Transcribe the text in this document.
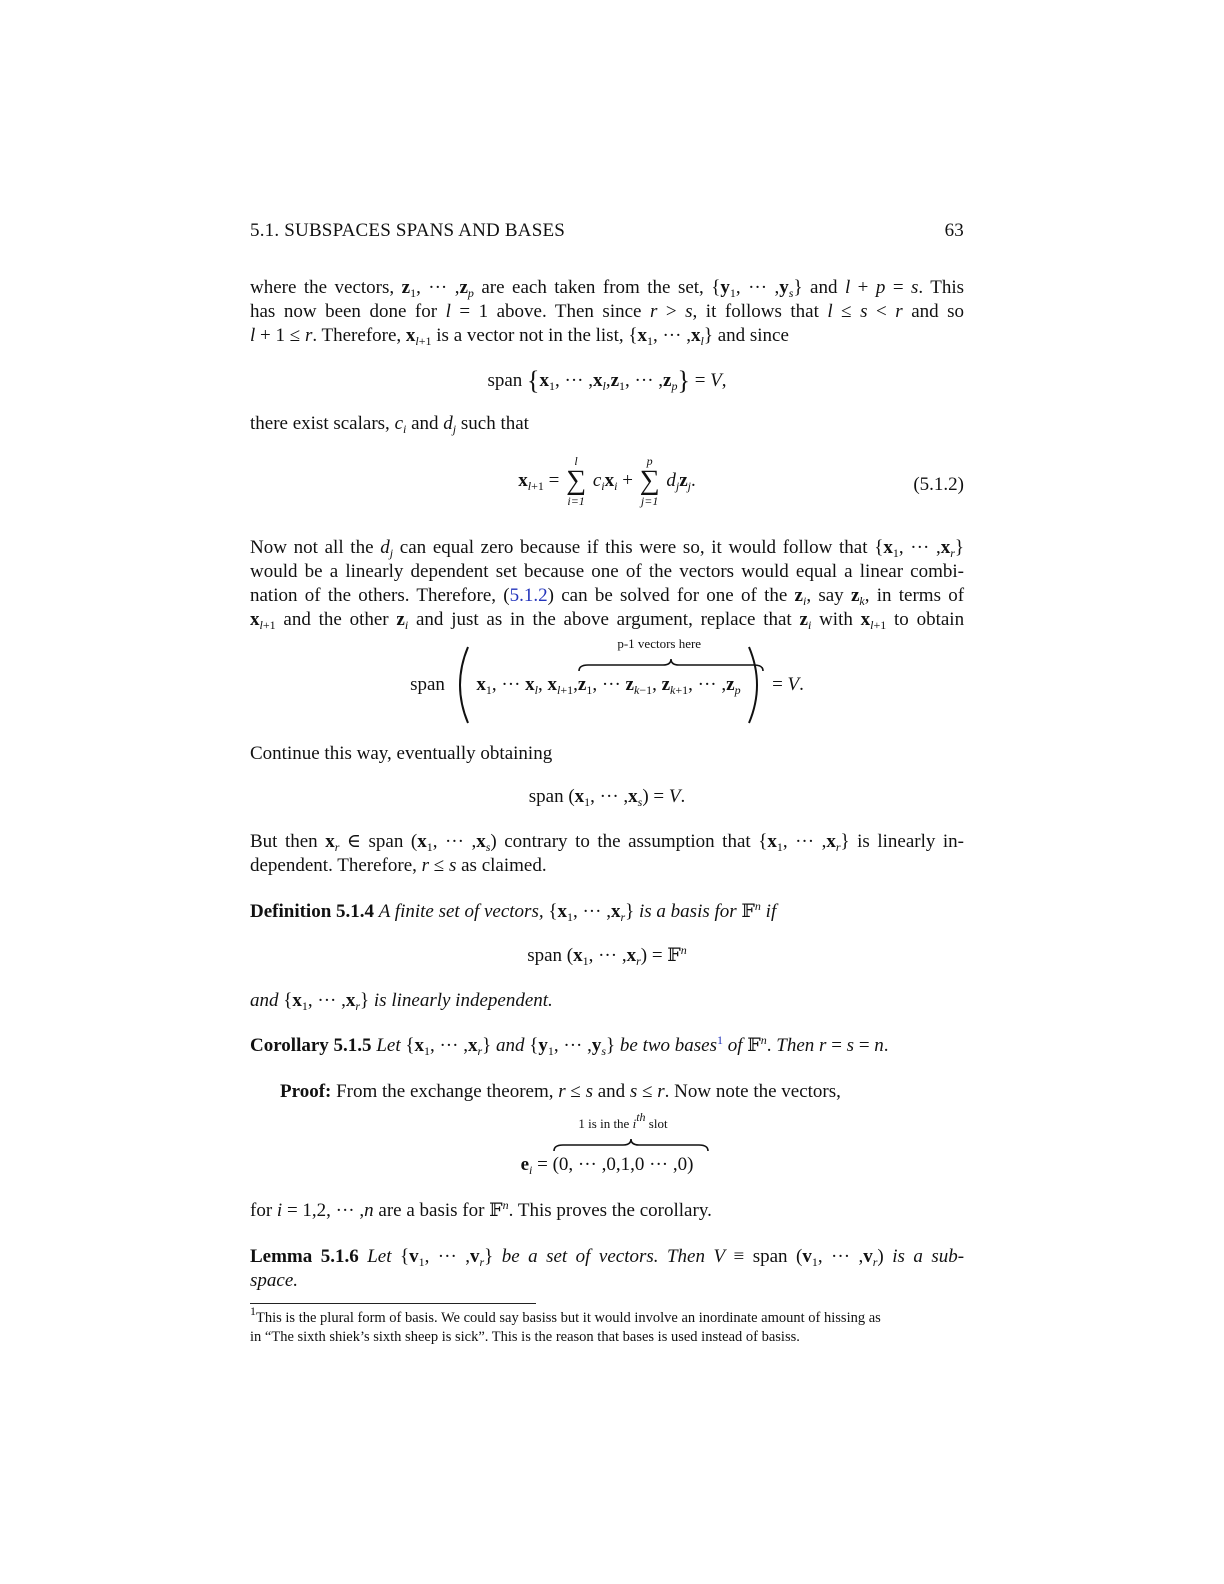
5.1. SUBSPACES SPANS AND BASES	63
where the vectors, $z_1$, ··· $,z_p$ are each taken from the set, {$y_1$, ··· $,y_s$} and l + p = s. This
has now been done for l = 1 above. Then since r > s, it follows that l ≤ s < r and so
l + 1 ≤ r. Therefore, $x_{l+1}$ is a vector not in the list, {$x_1$, ··· $,x_l$} and since
span {$x_1$, ··· $,x_l,z_1$, ··· $,z_p\} = V$,
there exist scalars, $c_i$ and $d_j$ such that
$x_{l+1}$ =
l
∑
i=1
$c_ix_i$ +
p
∑
j=1
$d_jz_j$.	(5.1.2)
Now not all the $d_j$ can equal zero because if this were so, it would follow that {$x_1$, ··· $,x_r$}
would be a linearly dependent set because one of the vectors would equal a linear combi-
nation of the others. Therefore, (5.1.2) can be solved for one of the $z_i$, say $z_k$, in terms of
$x_{l+1}$ and the other $z_i$ and just as in the above argument, replace that $z_i$ with $x_{l+1}$ to obtain
span $x_1$, ··· $x_l$, $x_{l+1}$,
p-1 vectors here
$z_1$, ··· $z_{k-1}$, $z_{k+1}$, ··· $,z_p = V$.
Continue this way, eventually obtaining
span ($x_1$, ··· $,x_s) = V$.
But then $x_r$ ∈ span ($x_1$, ··· $,x_s$) contrary to the assumption that {$x_1$, ··· $,x_r$} is linearly in-
dependent. Therefore, r ≤ s as claimed.
Definition 5.1.4 A finite set of vectors, {$x_1$, ··· $,x_r$} is a basis for 𝔽$^n$ if
span ($x_1$, ··· $,x_r$) = 𝔽$^n$
and {$x_1$, ··· $,x_r$} is linearly independent.
Corollary 5.1.5 Let {$x_1$, ··· $,x_r$} and {$y_1$, ··· $,y_s$} be two bases$^1$ of 𝔽$^n$. Then r = s = n.
Proof: From the exchange theorem, r ≤ s and s ≤ r. Now note the vectors,
$e_i$ =
1 is in the $i^{th}$ slot
(0, ··· ,0,1,0 ··· ,0)
for i = 1,2, ··· ,n are a basis for 𝔽$^n$. This proves the corollary.
Lemma 5.1.6 Let {$v_1$, ··· $,v_r$} be a set of vectors. Then V ≡ span ($v_1$, ··· $,v_r$) is a sub-
space.
$^1$This is the plural form of basis. We could say basiss but it would involve an inordinate amount of hissing as
in “The sixth shiek’s sixth sheep is sick”. This is the reason that bases is used instead of basiss.
